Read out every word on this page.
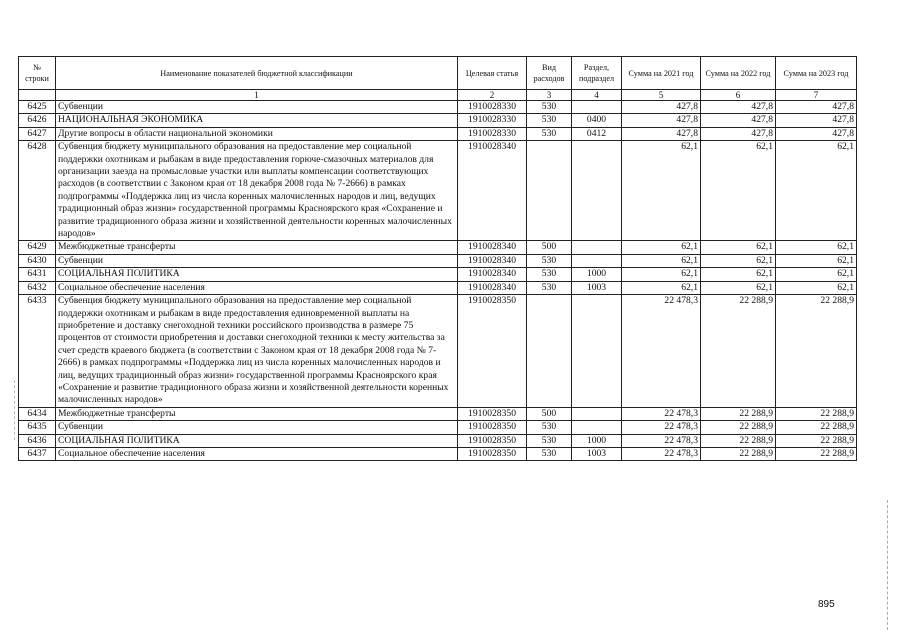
№ строки	Наименование показателей бюджетной классификации	Целевая статья	Вид расходов	Раздел, подраздел	Сумма на 2021 год	Сумма на 2022 год	Сумма на 2023 год
	1	2	3	4	5	6	7
6425	Субвенции	1910028330	530		427,8	427,8	427,8
6426	НАЦИОНАЛЬНАЯ ЭКОНОМИКА	1910028330	530	0400	427,8	427,8	427,8
6427	Другие вопросы в области национальной экономики	1910028330	530	0412	427,8	427,8	427,8
6428	Субвенция бюджету муниципального образования на предоставление мер социальной поддержки охотникам и рыбакам в виде предоставления горюче-смазочных материалов для организации заезда на промысловые участки или выплаты компенсации соответствующих расходов (в соответствии с Законом края от 18 декабря 2008 года № 7-2666) в рамках подпрограммы «Поддержка лиц из числа коренных малочисленных народов и лиц, ведущих традиционный образ жизни» государственной программы Красноярского края «Сохранение и развитие традиционного образа жизни и хозяйственной деятельности коренных малочисленных народов»	1910028340			62,1	62,1	62,1
6429	Межбюджетные трансферты	1910028340	500		62,1	62,1	62,1
6430	Субвенции	1910028340	530		62,1	62,1	62,1
6431	СОЦИАЛЬНАЯ ПОЛИТИКА	1910028340	530	1000	62,1	62,1	62,1
6432	Социальное обеспечение населения	1910028340	530	1003	62,1	62,1	62,1
6433	Субвенция бюджету муниципального образования на предоставление мер социальной поддержки охотникам и рыбакам в виде предоставления единовременной выплаты на приобретение и доставку снегоходной техники российского производства в размере 75 процентов от стоимости приобретения и доставки снегоходной техники к месту жительства за счет средств краевого бюджета (в соответствии с Законом края от 18 декабря 2008 года № 7-2666) в рамках подпрограммы «Поддержка лиц из числа коренных малочисленных народов и лиц, ведущих традиционный образ жизни» государственной программы Красноярского края «Сохранение и развитие традиционного образа жизни и хозяйственной деятельности коренных малочисленных народов»	1910028350			22 478,3	22 288,9	22 288,9
6434	Межбюджетные трансферты	1910028350	500		22 478,3	22 288,9	22 288,9
6435	Субвенции	1910028350	530		22 478,3	22 288,9	22 288,9
6436	СОЦИАЛЬНАЯ ПОЛИТИКА	1910028350	530	1000	22 478,3	22 288,9	22 288,9
6437	Социальное обеспечение населения	1910028350	530	1003	22 478,3	22 288,9	22 288,9
895
